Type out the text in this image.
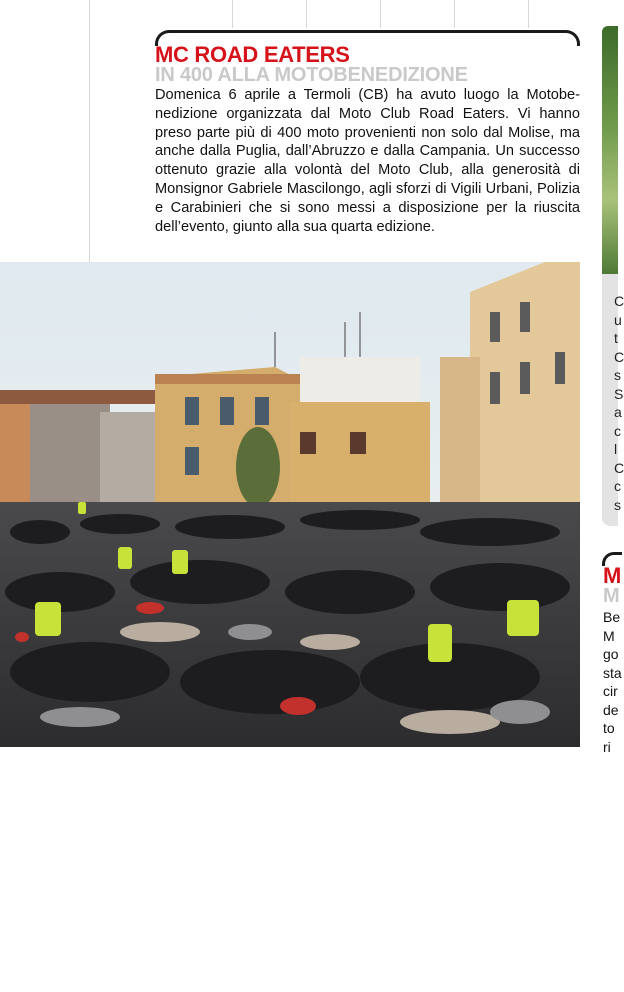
MC ROAD EATERS
IN 400 ALLA MOTOBENEDIZIONE
Domenica 6 aprile a Termoli (CB) ha avuto luogo la Motobenedizione organizzata dal Moto Club Road Eaters. Vi hanno preso parte più di 400 moto provenienti non solo dal Molise, ma anche dalla Puglia, dall’Abruzzo e dalla Campania. Un successo ottenuto grazie alla volontà del Moto Club, alla generosità di Monsignor Gabriele Mascilongo, agli sforzi di Vigili Urbani, Polizia e Carabinieri che si sono messi a disposizione per la riuscita dell’evento, giunto alla sua quarta edizione.
SUPERBIKE.it
C
u
t
C
s
S
a
c
l
C
c
s
M
M
Be
M
go
sta
cir
de
to
ri
